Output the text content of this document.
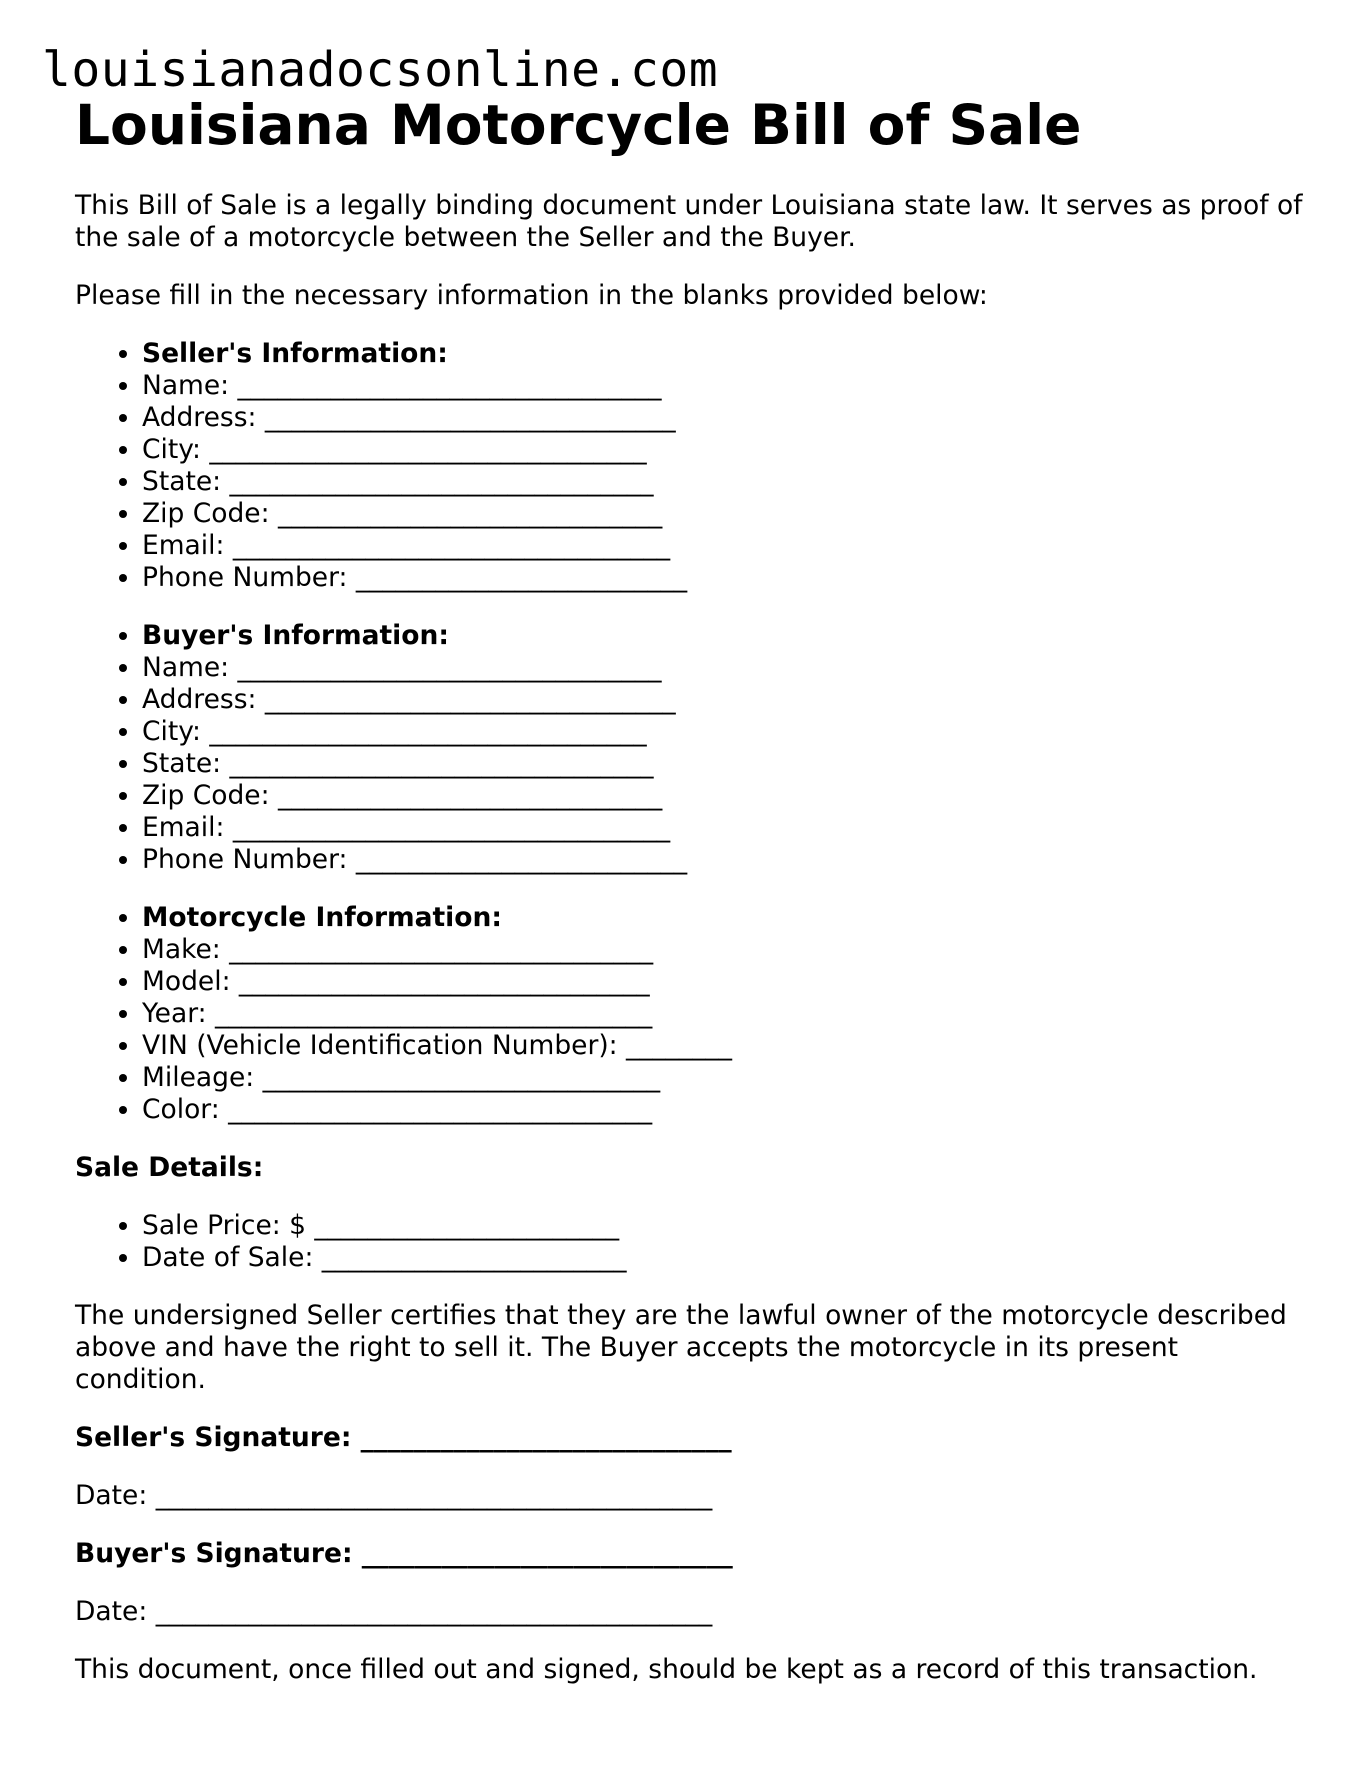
louisianadocsonline.com
Louisiana Motorcycle Bill of Sale

This Bill of Sale is a legally binding document under Louisiana state law. It serves as proof of the sale of a motorcycle between the Seller and the Buyer.

Please fill in the necessary information in the blanks provided below:

• Seller's Information:
• Name: ________________________________
• Address: _______________________________
• City: _________________________________
• State: ________________________________
• Zip Code: _____________________________
• Email: _________________________________
• Phone Number: _________________________
• Buyer's Information:
• Name: ________________________________
• Address: _______________________________
• City: _________________________________
• State: ________________________________
• Zip Code: _____________________________
• Email: _________________________________
• Phone Number: _________________________
• Motorcycle Information:
• Make: ________________________________
• Model: _______________________________
• Year: _________________________________
• VIN (Vehicle Identification Number): ________
• Mileage: ______________________________
• Color: ________________________________

Sale Details:

• Sale Price: $ _______________________
• Date of Sale: _______________________

The undersigned Seller certifies that they are the lawful owner of the motorcycle described above and have the right to sell it. The Buyer accepts the motorcycle in its present condition.

Seller's Signature: ____________________________

Date: __________________________________________

Buyer's Signature: ____________________________

Date: __________________________________________

This document, once filled out and signed, should be kept as a record of this transaction.
